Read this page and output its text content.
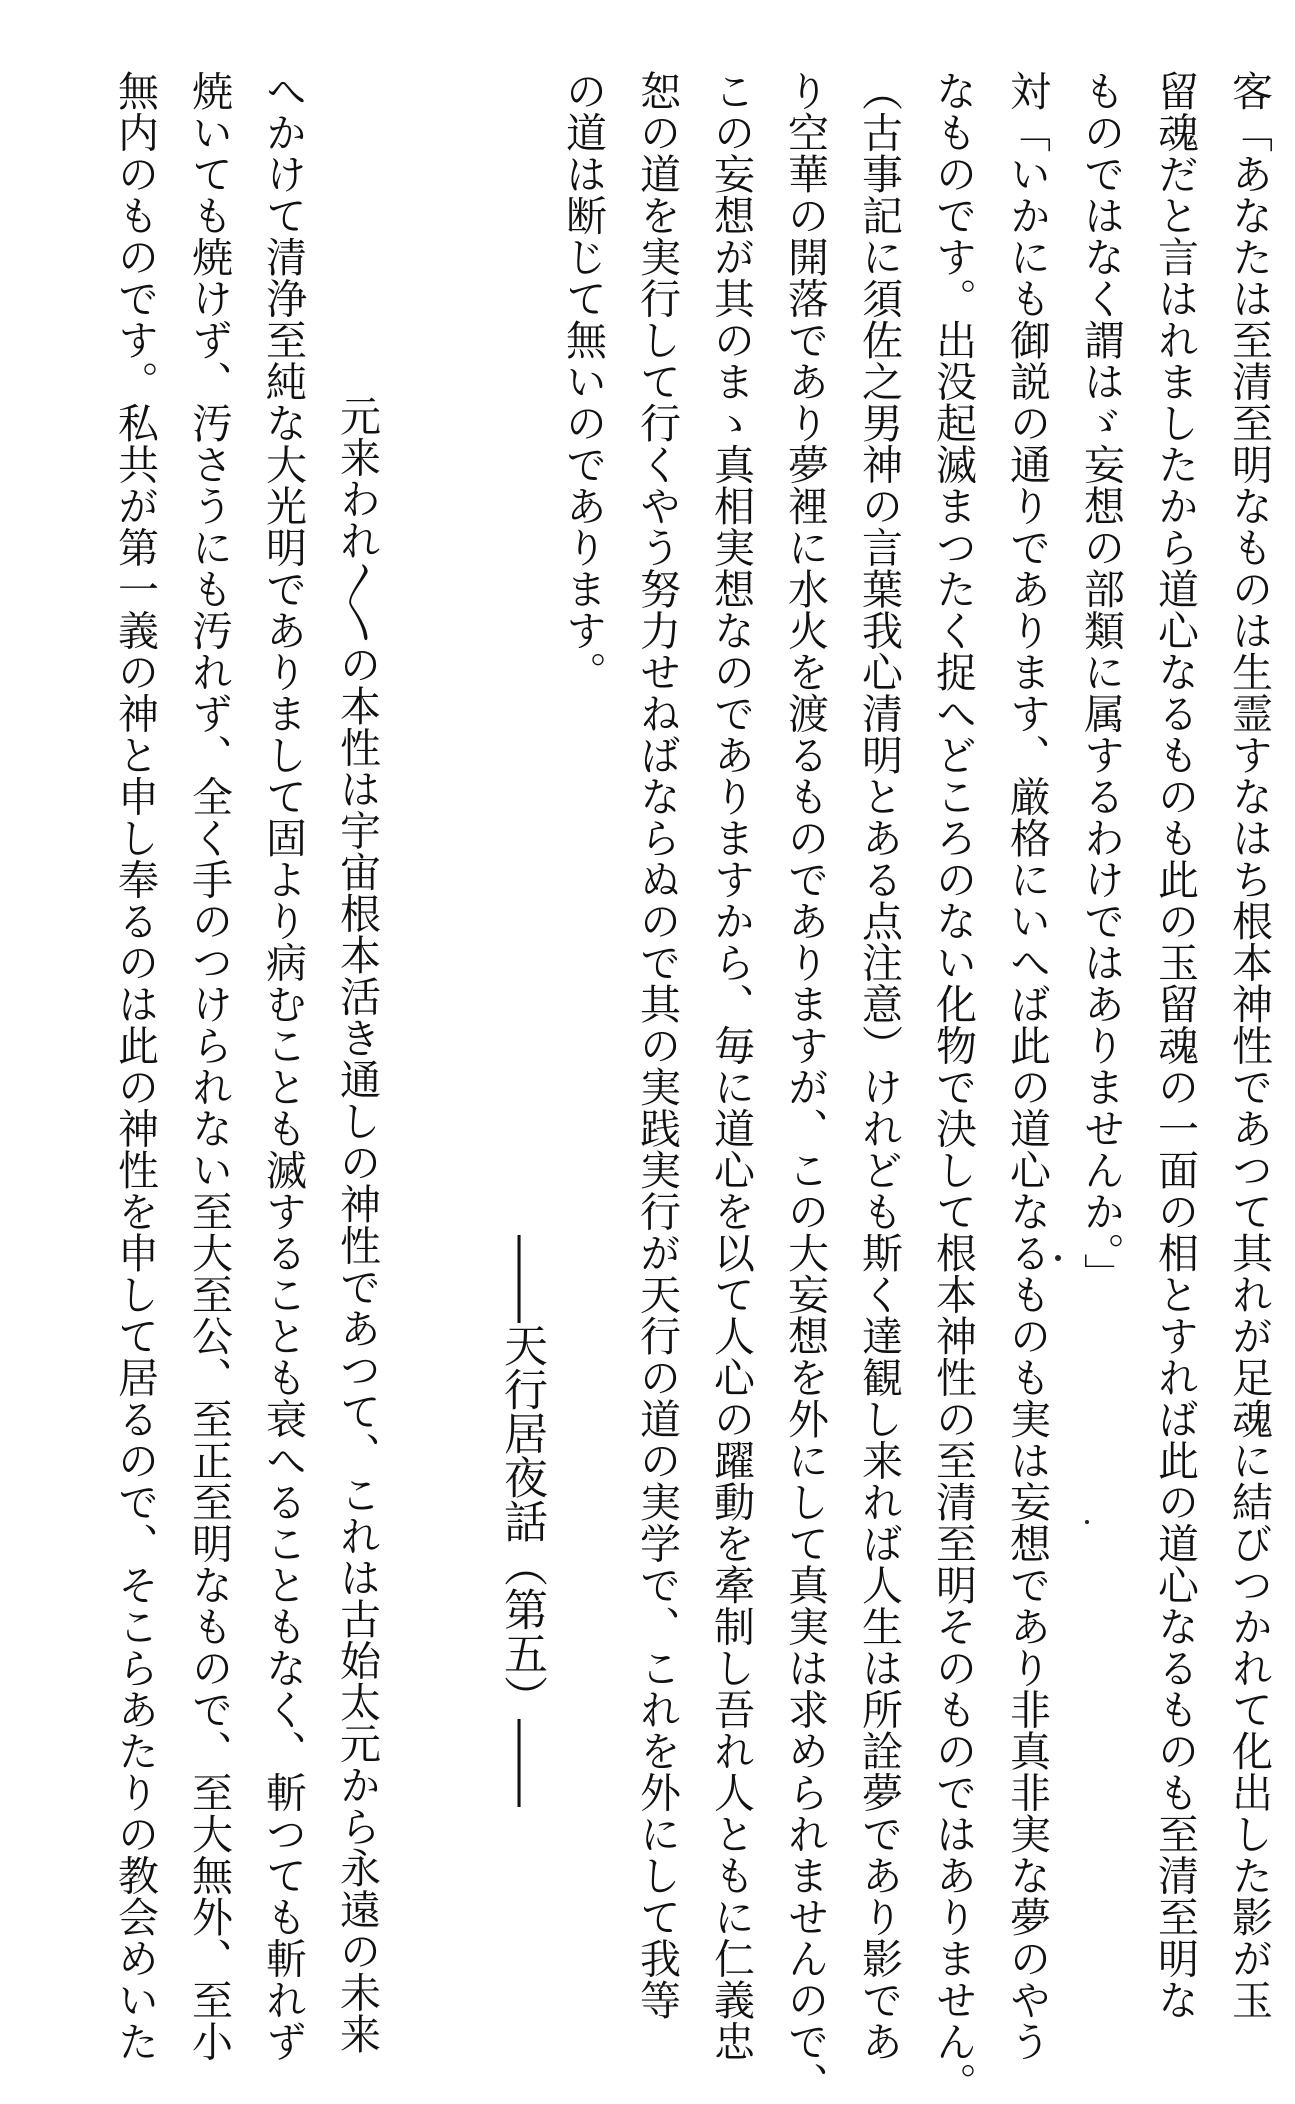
客「あなたは至清至明なものは生霊すなはち根本神性であつて其れが足魂に結びつかれて化出した影が玉
留魂だと言はれましたから道心なるものも此の玉留魂の一面の相とすれば此の道心なるものも至清至明な
ものではなく謂はゞ妄想の部類に属するわけではありませんか。」
対「いかにも御説の通りであります、厳格にいへば此の道心なるものも実は妄想であり非真非実な夢のやう
なものです。出没起滅まつたく捉へどころのない化物で決して根本神性の至清至明そのものではありません。
（古事記に須佐之男神の言葉我心清明とある点注意）けれども斯く達観し来れば人生は所詮夢であり影であ
り空華の開落であり夢裡に水火を渡るものでありますが、この大妄想を外にして真実は求められませんので、
この妄想が其のまゝ真相実想なのでありますから、毎に道心を以て人心の躍動を牽制し吾れ人ともに仁義忠
恕の道を実行して行くやう努力せねばならぬので其の実践実行が天行の道の実学で、これを外にして我等
の道は断じて無いのであります。
――天行居夜話（第五）――
元来われ〳〵の本性は宇宙根本活き通しの神性であつて、これは古始太元から永遠の未来
へかけて清浄至純な大光明でありまして固より病むことも滅することも衰へることもなく、斬つても斬れず
焼いても焼けず、汚さうにも汚れず、全く手のつけられない至大至公、至正至明なもので、至大無外、至小
無内のものです。私共が第一義の神と申し奉るのは此の神性を申して居るので、そこらあたりの教会めいた
